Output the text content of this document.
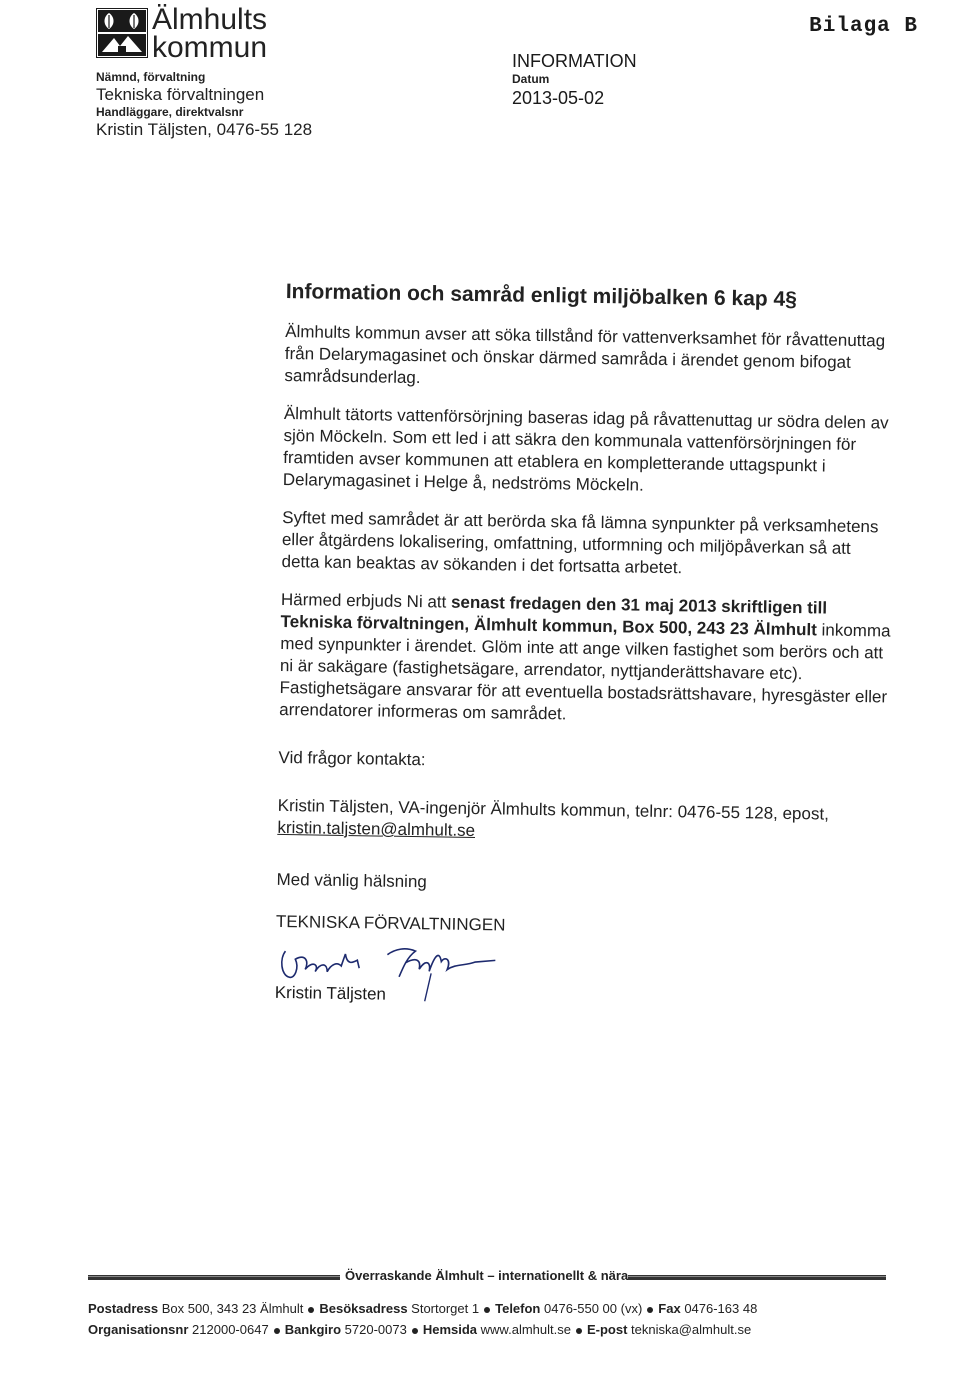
Älmhults
kommun
Bilaga B
Nämnd, förvaltning
Tekniska förvaltningen
Handläggare, direktvalsnr
Kristin Täljsten, 0476-55 128
INFORMATION
Datum
2013-05-02
Information och samråd enligt miljöbalken 6 kap 4§

Älmhults kommun avser att söka tillstånd för vattenverksamhet för råvattenuttag från Delarymagasinet och önskar därmed samråda i ärendet genom bifogat samrådsunderlag.

Älmhult tätorts vattenförsörjning baseras idag på råvattenuttag ur södra delen av sjön Möckeln. Som ett led i att säkra den kommunala vattenförsörjningen för framtiden avser kommunen att etablera en kompletterande uttagspunkt i Delarymagasinet i Helge å, nedströms Möckeln.

Syftet med samrådet är att berörda ska få lämna synpunkter på verksamhetens eller åtgärdens lokalisering, omfattning, utformning och miljöpåverkan så att detta kan beaktas av sökanden i det fortsatta arbetet.

Härmed erbjuds Ni att senast fredagen den 31 maj 2013 skriftligen till Tekniska förvaltningen, Älmhult kommun, Box 500, 243 23 Älmhult inkomma med synpunkter i ärendet. Glöm inte att ange vilken fastighet som berörs och att ni är sakägare (fastighetsägare, arrendator, nyttjanderättshavare etc). Fastighetsägare ansvarar för att eventuella bostadsrättshavare, hyresgäster eller arrendatorer informeras om samrådet.

Vid frågor kontakta:

Kristin Täljsten, VA-ingenjör Älmhults kommun, telnr: 0476-55 128, epost,

kristin.taljsten@almhult.se

Med vänlig hälsning

TEKNISKA FÖRVALTNINGEN

Kristin Täljsten
Överraskande Älmhult – internationellt & nära
Postadress Box 500, 343 23 Älmhult Besöksadress Stortorget 1 Telefon 0476-550 00 (vx) Fax 0476-163 48
Organisationsnr 212000-0647 Bankgiro 5720-0073 Hemsida www.almhult.se E-post tekniska@almhult.se
